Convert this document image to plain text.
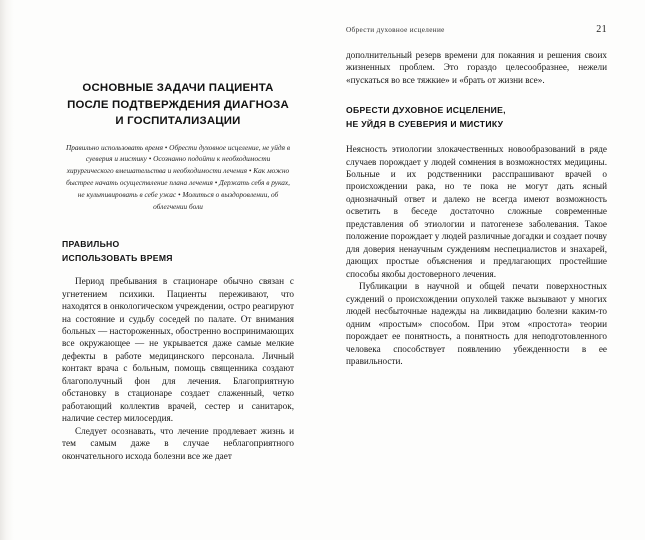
ОСНОВНЫЕ ЗАДАЧИ ПАЦИЕНТА
ПОСЛЕ ПОДТВЕРЖДЕНИЯ ДИАГНОЗА
И ГОСПИТАЛИЗАЦИИ
Правильно использовать время • Обрести духовное исцеление, не уйдя в суеверия и мистику • Осознанно подойти к необходимости хирургического вмешательства и необходимости лечения • Как можно быстрее начать осуществление плана лечения • Держать себя в руках, не культивировать в себе ужас • Молиться о выздоровлении, об облегчении боли
ПРАВИЛЬНО
ИСПОЛЬЗОВАТЬ ВРЕМЯ

Период пребывания в стационаре обычно связан с угнетением психики. Пациенты переживают, что находятся в онкологическом учреждении, остро реагируют на состояние и судьбу соседей по палате. От внимания больных — настороженных, обостренно воспринимающих все окружающее — не укрывается даже самые мелкие дефекты в работе медицинского персонала. Личный контакт врача с больным, помощь священника создают благополучный фон для лечения. Благоприятную обстановку в стационаре создает слаженный, четко работающий коллектив врачей, сестер и санитарок, наличие сестер милосердия.

Следует осознавать, что лечение продлевает жизнь и тем самым даже в случае неблагоприятного окончательного исхода болезни все же дает

Обрести духовное исцеление	21

дополнительный резерв времени для покаяния и решения своих жизненных проблем. Это гораздо целесообразнее, нежели «пускаться во все тяжкие» и «брать от жизни все».

ОБРЕСТИ ДУХОВНОЕ ИСЦЕЛЕНИЕ,
НЕ УЙДЯ В СУЕВЕРИЯ И МИСТИКУ

Неясность этиологии злокачественных новообразований в ряде случаев порождает у людей сомнения в возможностях медицины. Больные и их родственники расспрашивают врачей о происхождении рака, но те пока не могут дать ясный однозначный ответ и далеко не всегда имеют возможность осветить в беседе достаточно сложные современные представления об этиологии и патогенезе заболевания. Такое положение порождает у людей различные догадки и создает почву для доверия ненаучным суждениям неспециалистов и знахарей, дающих простые объяснения и предлагающих простейшие способы якобы достоверного лечения.

Публикации в научной и общей печати поверхностных суждений о происхождении опухолей также вызывают у многих людей несбыточные надежды на ликвидацию болезни каким-то одним «простым» способом. При этом «простота» теории порождает ее понятность, а понятность для неподготовленного человека способствует появлению убежденности в ее правильности.
